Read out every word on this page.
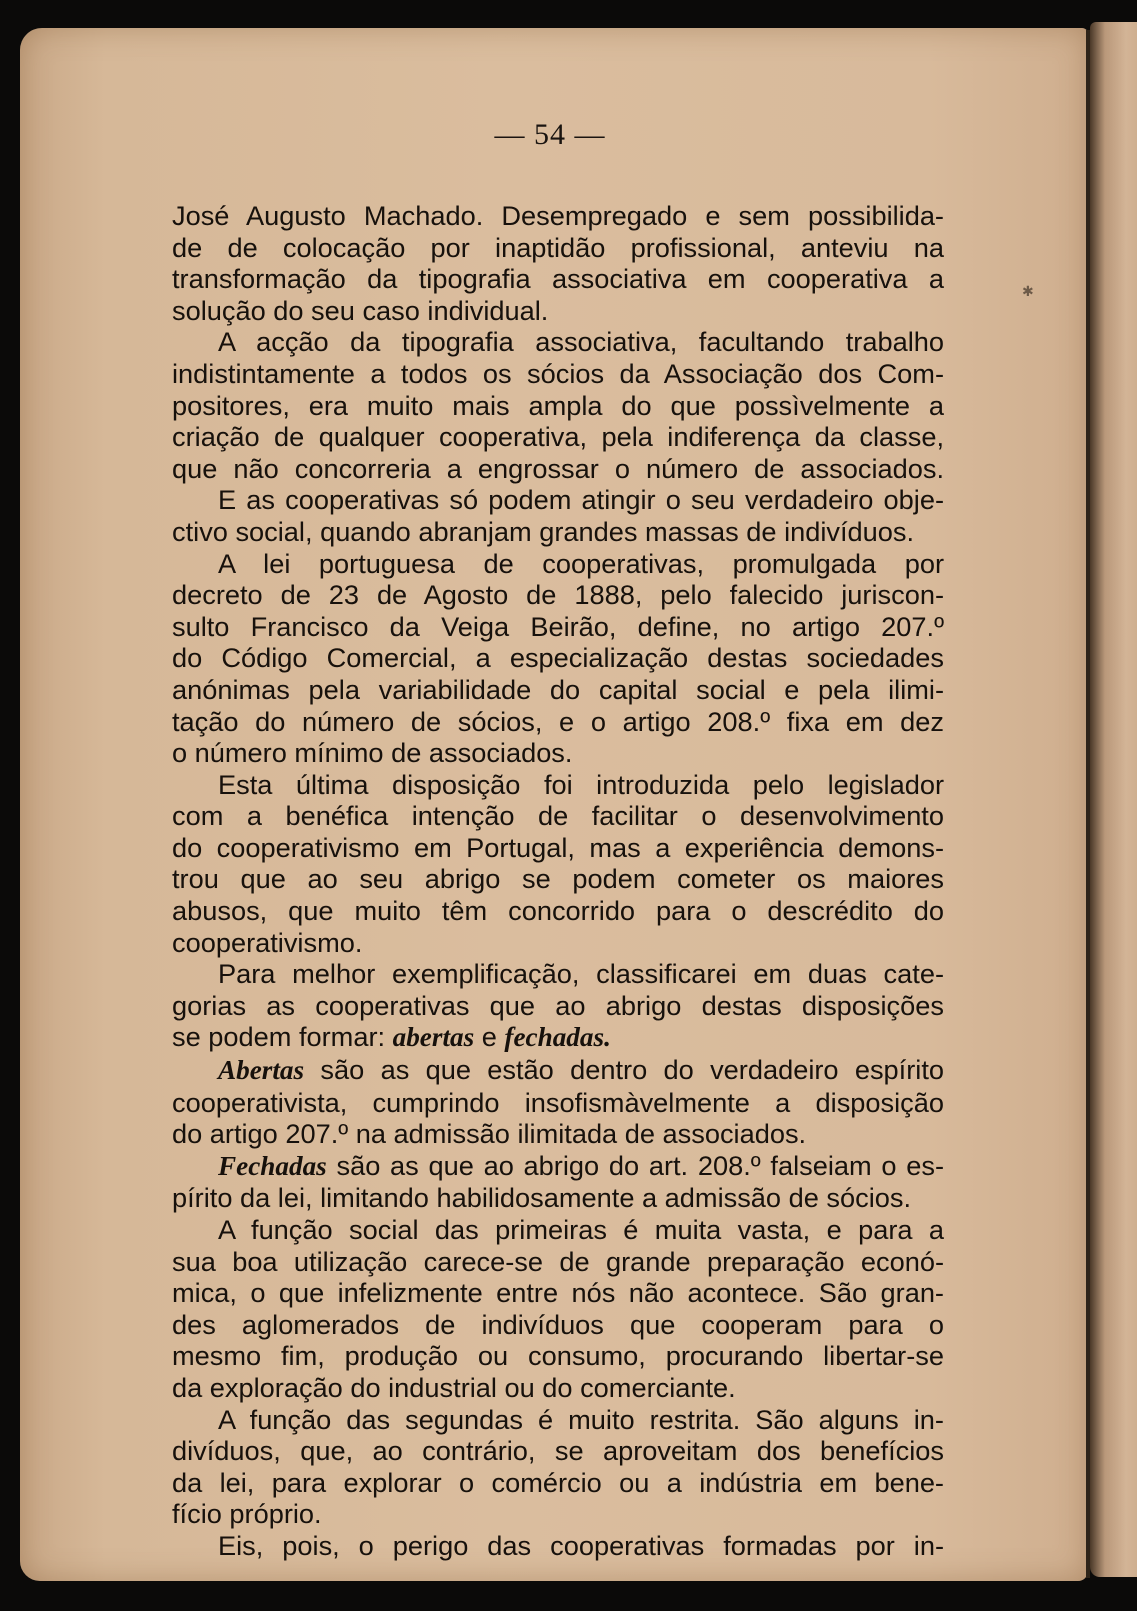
— 54 —
✱
José Augusto Machado. Desempregado e sem possibilida-
de de colocação por inaptidão profissional, anteviu na
transformação da tipografia associativa em cooperativa a
solução do seu caso individual.
A acção da tipografia associativa, facultando trabalho
indistintamente a todos os sócios da Associação dos Com-
positores, era muito mais ampla do que possìvelmente a
criação de qualquer cooperativa, pela indiferença da classe,
que não concorreria a engrossar o número de associados.
E as cooperativas só podem atingir o seu verdadeiro obje-
ctivo social, quando abranjam grandes massas de indivíduos.
A lei portuguesa de cooperativas, promulgada por
decreto de 23 de Agosto de 1888, pelo falecido juriscon-
sulto Francisco da Veiga Beirão, define, no artigo 207.º
do Código Comercial, a especialização destas sociedades
anónimas pela variabilidade do capital social e pela ilimi-
tação do número de sócios, e o artigo 208.º fixa em dez
o número mínimo de associados.
Esta última disposição foi introduzida pelo legislador
com a benéfica intenção de facilitar o desenvolvimento
do cooperativismo em Portugal, mas a experiência demons-
trou que ao seu abrigo se podem cometer os maiores
abusos, que muito têm concorrido para o descrédito do
cooperativismo.
Para melhor exemplificação, classificarei em duas cate-
gorias as cooperativas que ao abrigo destas disposições
se podem formar: abertas e fechadas.
Abertas são as que estão dentro do verdadeiro espírito
cooperativista, cumprindo insofismàvelmente a disposição
do artigo 207.º na admissão ilimitada de associados.
Fechadas são as que ao abrigo do art. 208.º falseiam o es-
pírito da lei, limitando habilidosamente a admissão de sócios.
A função social das primeiras é muita vasta, e para a
sua boa utilização carece-se de grande preparação econó-
mica, o que infelizmente entre nós não acontece. São gran-
des aglomerados de indivíduos que cooperam para o
mesmo fim, produção ou consumo, procurando libertar-se
da exploração do industrial ou do comerciante.
A função das segundas é muito restrita. São alguns in-
divíduos, que, ao contrário, se aproveitam dos benefícios
da lei, para explorar o comércio ou a indústria em bene-
fício próprio.
Eis, pois, o perigo das cooperativas formadas por in-
